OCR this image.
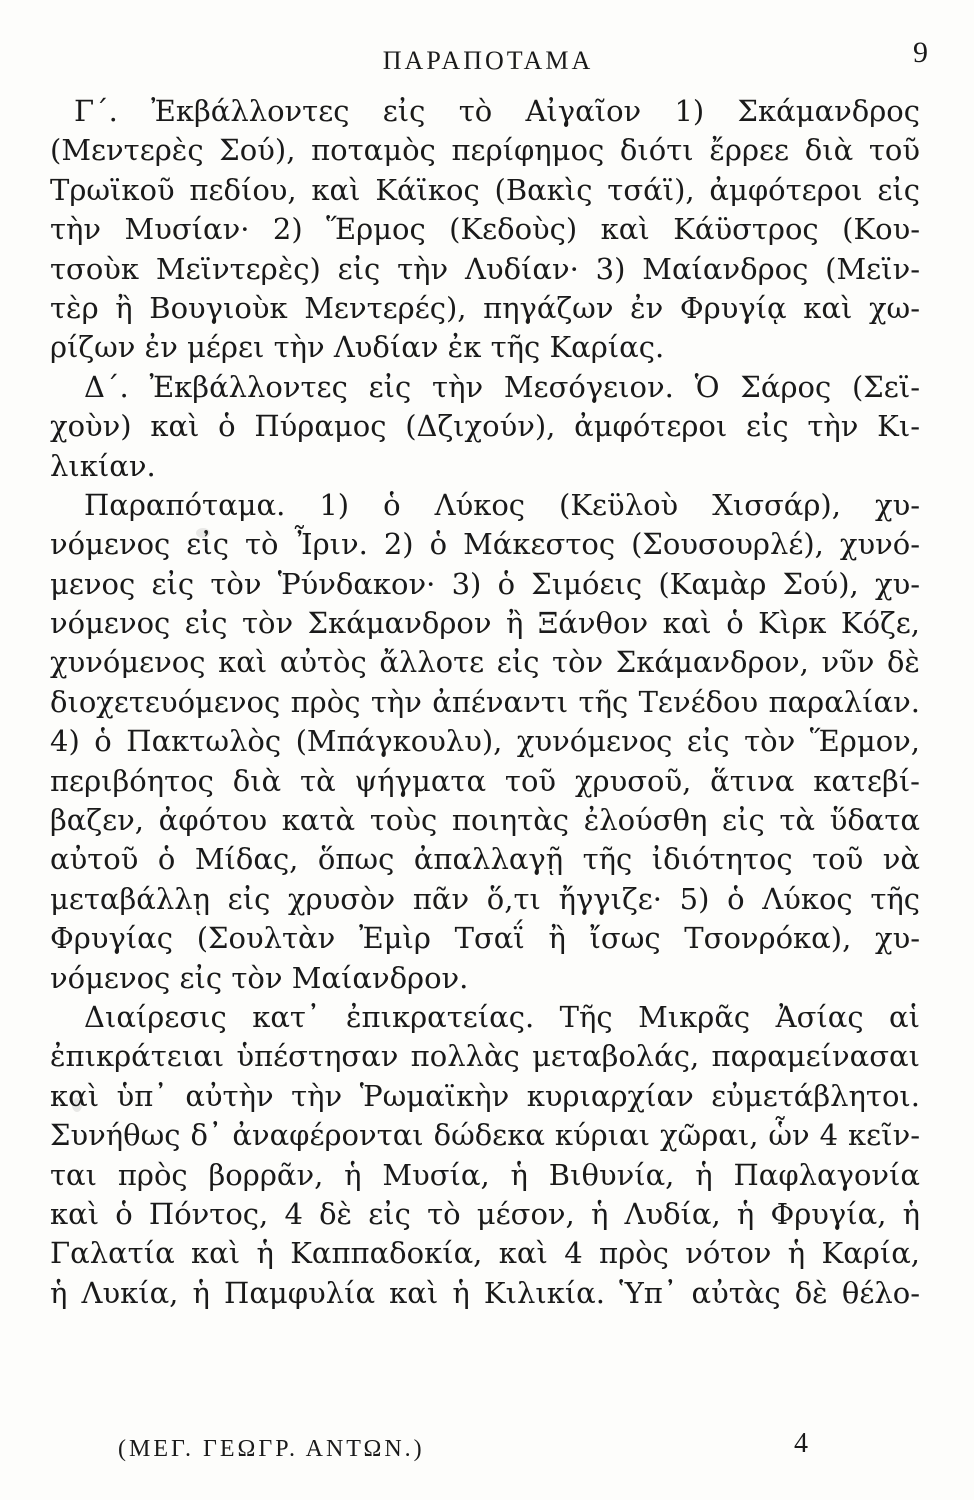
ΠΑΡΑΠΟΤΑΜΑ	9
Γ΄. Ἐκβάλλοντες εἰς τὸ Αἰγαῖον 1) Σκάμανδρος
(Μεντερὲς Σού), ποταμὸς περίφημος διότι ἔρρεε διὰ τοῦ
Τρωϊκοῦ πεδίου, καὶ Κάϊκος (Βακὶς τσάϊ), ἀμφότεροι εἰς
τὴν Μυσίαν· 2) Ἕρμος (Κεδοὺς) καὶ Κάϋστρος (Κου-
τσοὺκ Μεϊντερὲς) εἰς τὴν Λυδίαν· 3) Μαίανδρος (Μεϊν-
τὲρ ἢ Βουγιοὺκ Μεντερές), πηγάζων ἐν Φρυγίᾳ καὶ χω-
ρίζων ἐν μέρει τὴν Λυδίαν ἐκ τῆς Καρίας.
Δ΄. Ἐκβάλλοντες εἰς τὴν Μεσόγειον. Ὁ Σάρος (Σεϊ-
χοὺν) καὶ ὁ Πύραμος (Δζιχούν), ἀμφότεροι εἰς τὴν Κι-
λικίαν.
Παραπόταμα. 1) ὁ Λύκος (Κεϋλοὺ Χισσάρ), χυ-
νόμενος εἰς τὸ Ἶριν. 2) ὁ Μάκεστος (Σουσουρλέ), χυνό-
μενος εἰς τὸν Ῥύνδακον· 3) ὁ Σιμόεις (Καμὰρ Σού), χυ-
νόμενος εἰς τὸν Σκάμανδρον ἢ Ξάνθον καὶ ὁ Κὶρκ Κόζε,
χυνόμενος καὶ αὐτὸς ἄλλοτε εἰς τὸν Σκάμανδρον, νῦν δὲ
διοχετευόμενος πρὸς τὴν ἀπέναντι τῆς Τενέδου παραλίαν.
4) ὁ Πακτωλὸς (Μπάγκουλυ), χυνόμενος εἰς τὸν Ἕρμον,
περιβόητος διὰ τὰ ψήγματα τοῦ χρυσοῦ, ἅτινα κατεβί-
βαζεν, ἀφότου κατὰ τοὺς ποιητὰς ἐλούσθη εἰς τὰ ὕδατα
αὐτοῦ ὁ Μίδας, ὅπως ἀπαλλαγῇ τῆς ἰδιότητος τοῦ νὰ
μεταβάλλῃ εἰς χρυσὸν πᾶν ὅ,τι ἤγγιζε· 5) ὁ Λύκος τῆς
Φρυγίας (Σουλτὰν Ἐμὶρ Τσαΐ ἢ ἴσως Τσονρόκα), χυ-
νόμενος εἰς τὸν Μαίανδρον.
Διαίρεσις κατ᾽ ἐπικρατείας. Τῆς Μικρᾶς Ἀσίας αἱ
ἐπικράτειαι ὑπέστησαν πολλὰς μεταβολάς, παραμείνασαι
καὶ ὑπ᾽ αὐτὴν τὴν Ῥωμαϊκὴν κυριαρχίαν εὐμετάβλητοι.
Συνήθως δ᾽ ἀναφέρονται δώδεκα κύριαι χῶραι, ὧν 4 κεῖν-
ται πρὸς βορρᾶν, ἡ Μυσία, ἡ Βιθυνία, ἡ Παφλαγονία
καὶ ὁ Πόντος, 4 δὲ εἰς τὸ μέσον, ἡ Λυδία, ἡ Φρυγία, ἡ
Γαλατία καὶ ἡ Καππαδοκία, καὶ 4 πρὸς νότον ἡ Καρία,
ἡ Λυκία, ἡ Παμφυλία καὶ ἡ Κιλικία. Ὑπ᾽ αὐτὰς δὲ θέλο-
(ΜΕΓ. ΓΕΩΓΡ. ΑΝΤΩΝ.)	4
